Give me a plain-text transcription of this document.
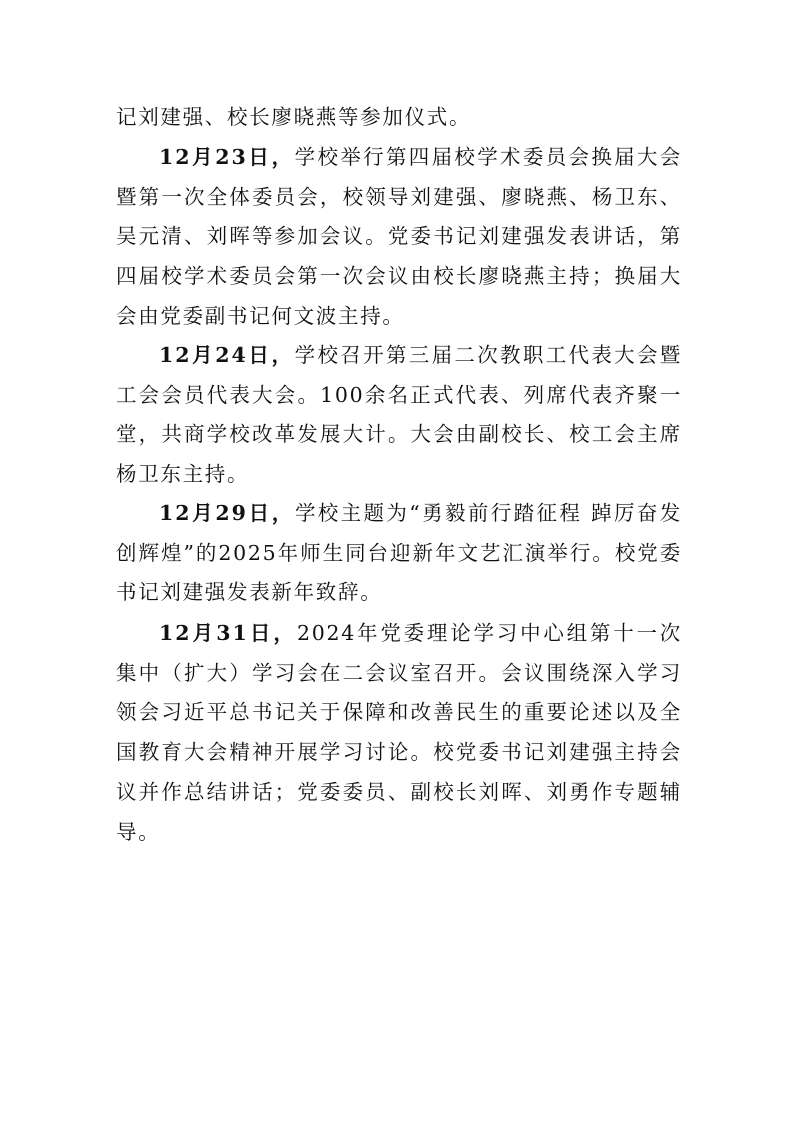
记刘建强、校长廖晓燕等参加仪式。

12月23日，学校举行第四届校学术委员会换届大会暨第一次全体委员会，校领导刘建强、廖晓燕、杨卫东、吴元清、刘晖等参加会议。党委书记刘建强发表讲话，第四届校学术委员会第一次会议由校长廖晓燕主持；换届大会由党委副书记何文波主持。

12月24日，学校召开第三届二次教职工代表大会暨工会会员代表大会。100余名正式代表、列席代表齐聚一堂，共商学校改革发展大计。大会由副校长、校工会主席杨卫东主持。

12月29日，学校主题为“勇毅前行踏征程 踔厉奋发创辉煌”的2025年师生同台迎新年文艺汇演举行。校党委书记刘建强发表新年致辞。

12月31日，2024年党委理论学习中心组第十一次集中（扩大）学习会在二会议室召开。会议围绕深入学习领会习近平总书记关于保障和改善民生的重要论述以及全国教育大会精神开展学习讨论。校党委书记刘建强主持会议并作总结讲话；党委委员、副校长刘晖、刘勇作专题辅导。
